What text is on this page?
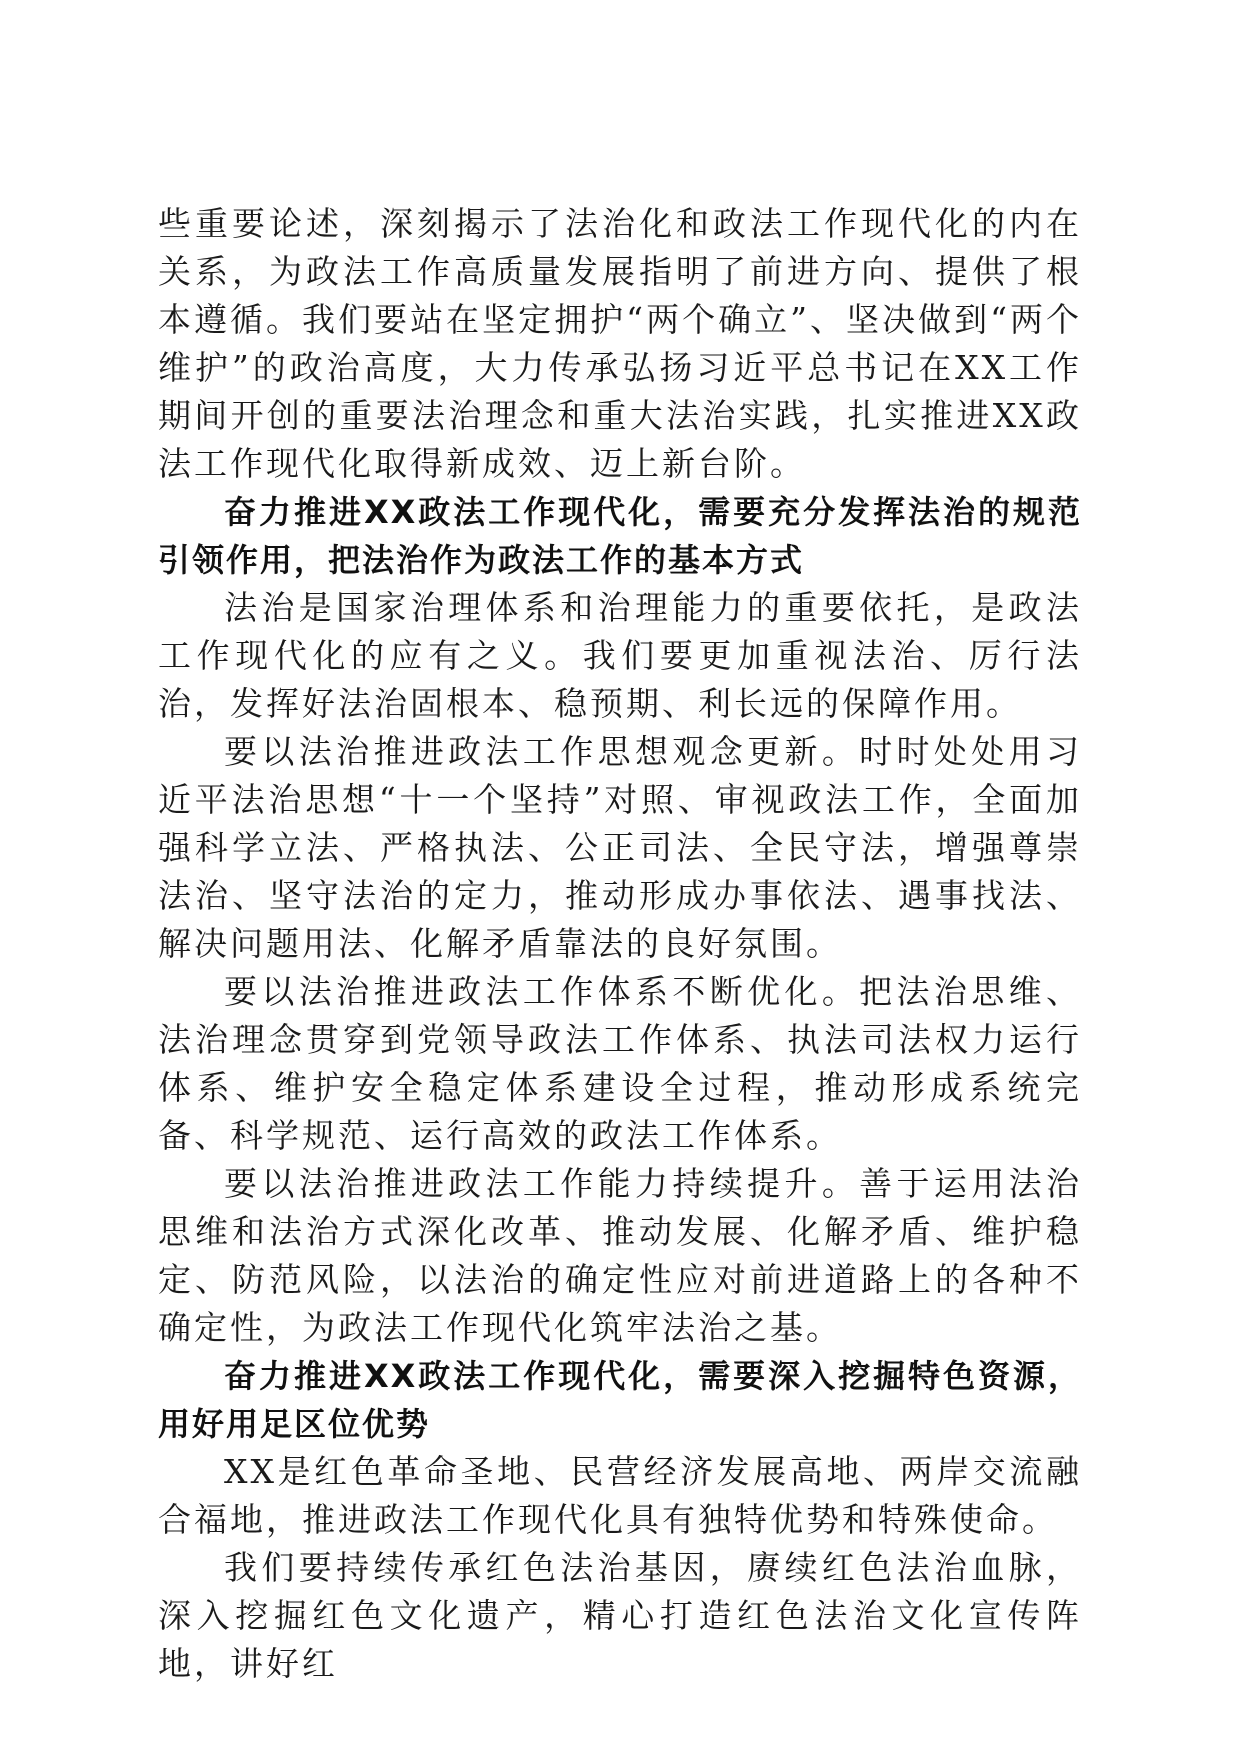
些重要论述，深刻揭示了法治化和政法工作现代化的内在关系，为政法工作高质量发展指明了前进方向、提供了根本遵循。我们要站在坚定拥护“两个确立”、坚决做到“两个维护”的政治高度，大力传承弘扬习近平总书记在XX工作期间开创的重要法治理念和重大法治实践，扎实推进XX政法工作现代化取得新成效、迈上新台阶。

奋力推进XX政法工作现代化，需要充分发挥法治的规范引领作用，把法治作为政法工作的基本方式

法治是国家治理体系和治理能力的重要依托，是政法工作现代化的应有之义。我们要更加重视法治、厉行法治，发挥好法治固根本、稳预期、利长远的保障作用。

要以法治推进政法工作思想观念更新。时时处处用习近平法治思想“十一个坚持”对照、审视政法工作，全面加强科学立法、严格执法、公正司法、全民守法，增强尊崇法治、坚守法治的定力，推动形成办事依法、遇事找法、解决问题用法、化解矛盾靠法的良好氛围。

要以法治推进政法工作体系不断优化。把法治思维、法治理念贯穿到党领导政法工作体系、执法司法权力运行体系、维护安全稳定体系建设全过程，推动形成系统完备、科学规范、运行高效的政法工作体系。

要以法治推进政法工作能力持续提升。善于运用法治思维和法治方式深化改革、推动发展、化解矛盾、维护稳定、防范风险，以法治的确定性应对前进道路上的各种不确定性，为政法工作现代化筑牢法治之基。

奋力推进XX政法工作现代化，需要深入挖掘特色资源，用好用足区位优势

XX是红色革命圣地、民营经济发展高地、两岸交流融合福地，推进政法工作现代化具有独特优势和特殊使命。

我们要持续传承红色法治基因，赓续红色法治血脉，深入挖掘红色文化遗产，精心打造红色法治文化宣传阵地，讲好红
